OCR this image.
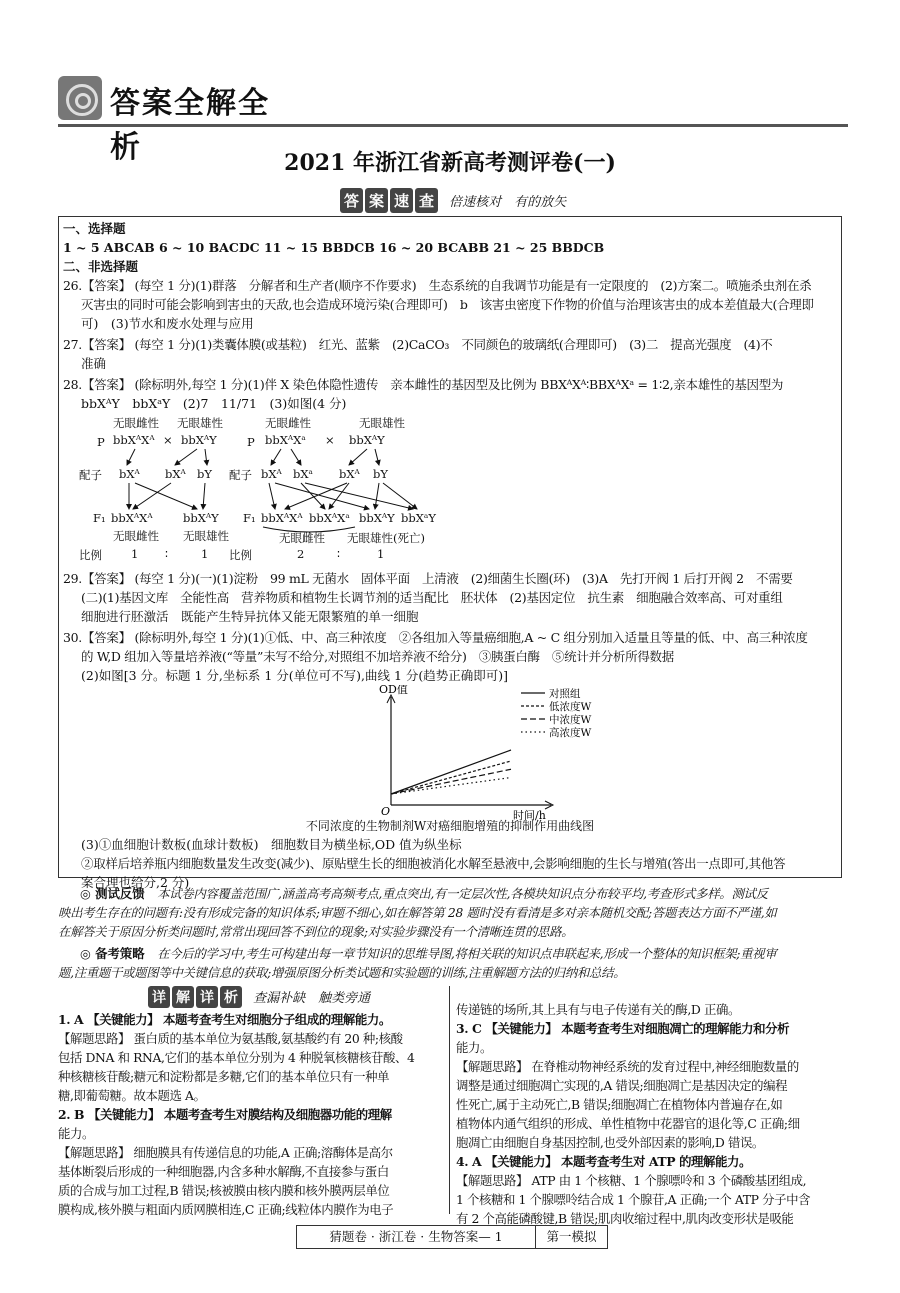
答案全解全析	2021 年浙江省新高考测评卷(一)
答 案 速 查 倍速核对　有的放矢
一、选择题
1 ~ 5 ABCAB 6 ~ 10 BACDC 11 ~ 15 BBDCB 16 ~ 20 BCABB 21 ~ 25 BBDCB
二、非选择题
26.【答案】 (每空 1 分)(1)群落　分解者和生产者(顺序不作要求)　生态系统的自我调节功能是有一定限度的　(2)方案二。喷施杀虫剂在杀
灭害虫的同时可能会影响到害虫的天敌,也会造成环境污染(合理即可)　b　该害虫密度下作物的价值与治理该害虫的成本差值最大(合理即
可)　(3)节水和废水处理与应用
27.【答案】 (每空 1 分)(1)类囊体膜(或基粒)　红光、蓝紫　(2)CaCO₃　不同颜色的玻璃纸(合理即可)　(3)二　提高光强度　(4)不
准确
28.【答案】 (除标明外,每空 1 分)(1)伴 X 染色体隐性遗传　亲本雌性的基因型及比例为 BBXᴬXᴬ∶BBXᴬXᵃ = 1∶2,亲本雄性的基因型为
bbXᴬY　bbXᵃY　(2)7　11/71　(3)如图(4 分)
无眼雌性 无眼雄性
P bbXᴬXᴬ × bbXᴬY
配子 bXᴬ bXᴬ bY
F₁ bbXᴬXᴬ	bbXᴬY
无眼雌性 无眼雄性
比例	1 ∶	1
无眼雌性	无眼雄性
P bbXᴬXᵃ × bbXᴬY
配子 bXᴬ bXᵃ bXᴬ bY
F₁ bbXᴬXᴬ bbXᴬXᵃ bbXᴬY bbXᵃY
无眼雌性 无眼雄性(死亡)
比例	2	∶	1
29.【答案】 (每空 1 分)(一)(1)淀粉　99 mL 无菌水　固体平面　上清液　(2)细菌生长圈(环)　(3)A　先打开阀 1 后打开阀 2　不需要
(二)(1)基因文库　全能性高　营养物质和植物生长调节剂的适当配比　胚状体　(2)基因定位　抗生素　细胞融合效率高、可对重组
细胞进行胚激活　既能产生特异抗体又能无限繁殖的单一细胞
30.【答案】 (除标明外,每空 1 分)(1)①低、中、高三种浓度　②各组加入等量癌细胞,A ~ C 组分别加入适量且等量的低、中、高三种浓度
的 W,D 组加入等量培养液(“等量”未写不给分,对照组不加培养液不给分)　③胰蛋白酶　⑤统计并分析所得数据
(2)如图[3 分。标题 1 分,坐标系 1 分(单位可不写),曲线 1 分(趋势正确即可)]
OD值
时间/h
O
对照组
低浓度W
中浓度W
高浓度W
不同浓度的生物制剂W对癌细胞增殖的抑制作用曲线图
(3)①血细胞计数板(血球计数板)　细胞数目为横坐标,OD 值为纵坐标
②取样后培养瓶内细胞数量发生改变(减少)、原贴壁生长的细胞被消化水解至悬液中,会影响细胞的生长与增殖(答出一点即可,其他答
案合理也给分,2 分)
◎ 测试反馈　 本试卷内容覆盖范围广,涵盖高考高频考点,重点突出,有一定层次性,各模块知识点分布较平均,考查形式多样。测试反
映出考生存在的问题有:没有形成完备的知识体系;审题不细心,如在解答第 28 题时没有看清是多对亲本随机交配;答题表达方面不严谨,如
在解答关于原因分析类问题时,常常出现回答不到位的现象;对实验步骤没有一个清晰连贯的思路。
◎ 备考策略　 在今后的学习中,考生可构建出每一章节知识的思维导图,将相关联的知识点串联起来,形成一个整体的知识框架;重视审
题,注重题干或题图等中关键信息的获取;增强原图分析类试题和实验题的训练,注重解题方法的归纳和总结。
详 解 详 析 查漏补缺　触类旁通
1. A 【关键能力】 本题考查考生对细胞分子组成的理解能力。
【解题思路】 蛋白质的基本单位为氨基酸,氨基酸约有 20 种;核酸
包括 DNA 和 RNA,它们的基本单位分别为 4 种脱氧核糖核苷酸、4
种核糖核苷酸;糖元和淀粉都是多糖,它们的基本单位只有一种单
糖,即葡萄糖。故本题选 A。
2. B 【关键能力】 本题考查考生对膜结构及细胞器功能的理解
能力。
【解题思路】 细胞膜具有传递信息的功能,A 正确;溶酶体是高尔
基体断裂后形成的一种细胞器,内含多种水解酶,不直接参与蛋白
质的合成与加工过程,B 错误;核被膜由核内膜和核外膜两层单位
膜构成,核外膜与粗面内质网膜相连,C 正确;线粒体内膜作为电子
传递链的场所,其上具有与电子传递有关的酶,D 正确。
3. C 【关键能力】 本题考查考生对细胞凋亡的理解能力和分析
能力。
【解题思路】 在脊椎动物神经系统的发育过程中,神经细胞数量的
调整是通过细胞凋亡实现的,A 错误;细胞凋亡是基因决定的编程
性死亡,属于主动死亡,B 错误;细胞凋亡在植物体内普遍存在,如
植物体内通气组织的形成、单性植物中花器官的退化等,C 正确;细
胞凋亡由细胞自身基因控制,也受外部因素的影响,D 错误。
4. A 【关键能力】 本题考查考生对 ATP 的理解能力。
【解题思路】 ATP 由 1 个核糖、1 个腺嘌呤和 3 个磷酸基团组成,
1 个核糖和 1 个腺嘌呤结合成 1 个腺苷,A 正确;一个 ATP 分子中含
有 2 个高能磷酸键,B 错误;肌肉收缩过程中,肌肉改变形状是吸能
猜题卷 · 浙江卷 · 生物答案— 1	第一模拟
